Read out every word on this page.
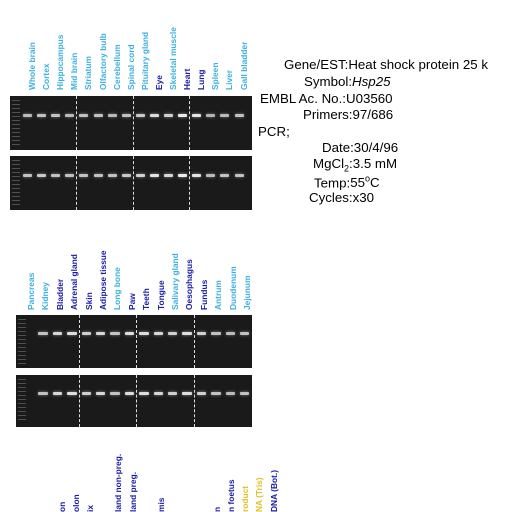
Whole brain Cortex Hippocampus Mid brain Striatum Olfactory bulb Cerebellum Spinal cord Pituitary gland Eye Skeletal muscle Heart Lung Spleen Liver Gall bladder
Pancreas Kidney Bladder Adrenal gland Skin Adipose tissue Long bone Paw Teeth Tongue Salivary gland Oesophagus Fundus Antrum Duodenum Jejunum
on olon ix land non-preg. land preg. mis	n n foetus roduct NA (Tris) DNA (Bot.)
Gene/EST:Heat shock protein 25 k
Symbol:Hsp25
EMBL Ac. No.:U03560
Primers:97/686
PCR;
Date:30/4/96
MgCl$_2$:3.5 mM
Temp:55$^o$C
Cycles:x30
